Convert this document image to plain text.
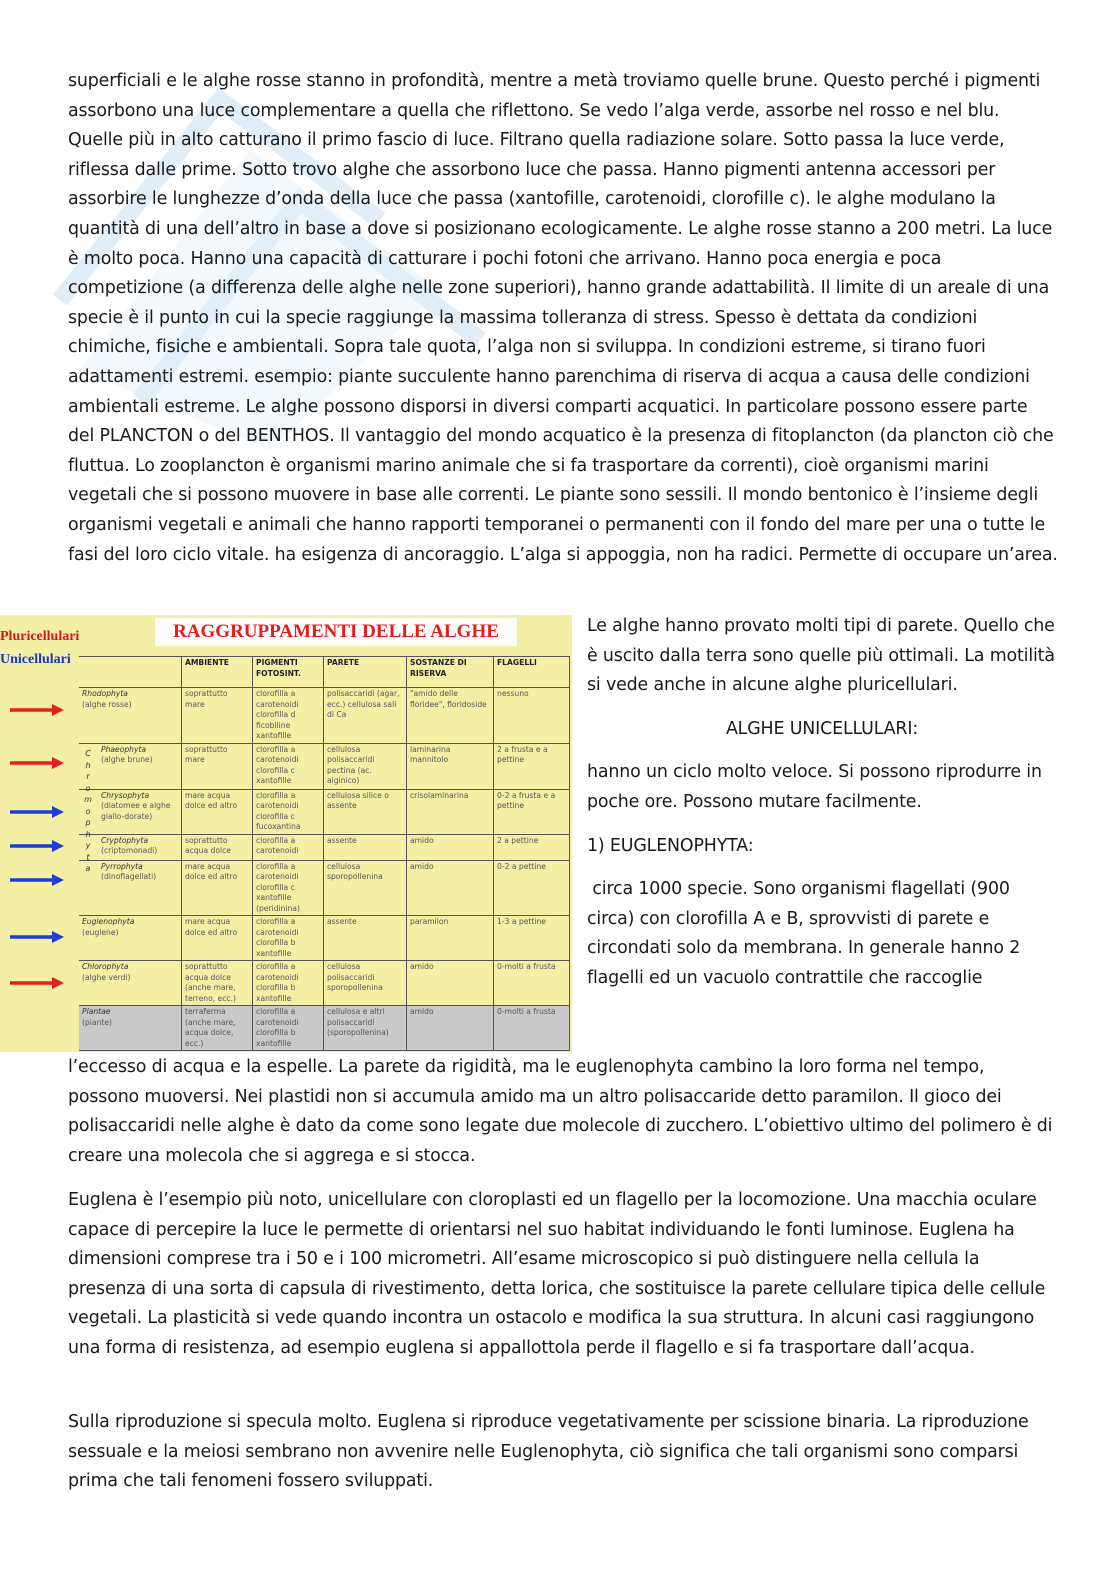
superficiali e le alghe rosse stanno in profondità, mentre a metà troviamo quelle brune. Questo perché i pigmenti assorbono una luce complementare a quella che riflettono. Se vedo l’alga verde, assorbe nel rosso e nel blu. Quelle più in alto catturano il primo fascio di luce. Filtrano quella radiazione solare. Sotto passa la luce verde, riflessa dalle prime. Sotto trovo alghe che assorbono luce che passa. Hanno pigmenti antenna accessori per assorbire le lunghezze d’onda della luce che passa (xantofille, carotenoidi, clorofille c). le alghe modulano la quantità di una dell’altro in base a dove si posizionano ecologicamente. Le alghe rosse stanno a 200 metri. La luce è molto poca. Hanno una capacità di catturare i pochi fotoni che arrivano. Hanno poca energia e poca competizione (a differenza delle alghe nelle zone superiori), hanno grande adattabilità. Il limite di un areale di una specie è il punto in cui la specie raggiunge la massima tolleranza di stress. Spesso è dettata da condizioni chimiche, fisiche e ambientali. Sopra tale quota, l’alga non si sviluppa. In condizioni estreme, si tirano fuori adattamenti estremi. esempio: piante succulente hanno parenchima di riserva di acqua a causa delle condizioni ambientali estreme. Le alghe possono disporsi in diversi comparti acquatici. In particolare possono essere parte del PLANCTON o del BENTHOS. Il vantaggio del mondo acquatico è la presenza di fitoplancton (da plancton ciò che fluttua. Lo zooplancton è organismi marino animale che si fa trasportare da correnti), cioè organismi marini vegetali che si possono muovere in base alle correnti. Le piante sono sessili. Il mondo bentonico è l’insieme degli organismi vegetali e animali che hanno rapporti temporanei o permanenti con il fondo del mare per una o tutte le fasi del loro ciclo vitale. ha esigenza di ancoraggio. L’alga si appoggia, non ha radici. Permette di occupare un’area.

RAGGRUPPAMENTI DELLE ALGHE
Pluricellulari
Unicellulari
		AMBIENTE	PIGMENTI FOTOSINT.	PARETE	SOSTANZE DI RISERVA	FLAGELLI

Rhodophyta
(alghe rosse)	soprattutto mare	clorofilla a carotenoidi clorofilla d ficobiline xantofille	polisaccaridi (agar, ecc.) cellulosa sali di Ca	"amido delle floridee", floridoside	nessuno

Phaeophyta
(alghe brune)	soprattutto mare	clorofilla a carotenoidi clorofilla c xantofille	cellulosa polisaccaridi pectina (ac. alginico)	laminarina mannitolo	2 a frusta e a pettine

Chrysophyta
(diatomee e alghe giallo-dorate)	mare acqua dolce ed altro	clorofilla a carotenoidi clorofilla c fucoxantina	cellulosa silice o assente	crisolaminarina	0-2 a frusta e a pettine

Cryptophyta
(criptomonadi)	soprattutto acqua dolce	clorofilla a carotenoidi	assente	amido	2 a pettine

Pyrrophyta
(dinoflagellati)	mare acqua dolce ed altro	clorofilla a carotenoidi clorofilla c xantofille (peridinina)	cellulosa sporopollenina	amido	0-2 a pettine

Euglenophyta
(euglene)	mare acqua dolce ed altro	clorofilla a carotenoidi clorofilla b xantofille	assente	paramilon	1-3 a pettine

Chlorophyta
(alghe verdi)	soprattutto acqua dolce (anche mare, terreno, ecc.)	clorofilla a carotenoidi clorofilla b xantofille	cellulosa polisaccaridi sporopollenina	amido	0-molti a frusta

Plantae
(piante)	terraferma (anche mare, acqua dolce, ecc.)	clorofilla a carotenoidi clorofilla b xantofille	cellulosa e altri polisaccaridi (sporopollenina)	amido	0-molti a frusta
C
h
r
o
m
o
p
h
y
t
a

Le alghe hanno provato molti tipi di parete. Quello che è uscito dalla terra sono quelle più ottimali. La motilità si vede anche in alcune alghe pluricellulari.

ALGHE UNICELLULARI:

hanno un ciclo molto veloce. Si possono riprodurre in poche ore. Possono mutare facilmente.

1) EUGLENOPHYTA:

circa 1000 specie. Sono organismi flagellati (900 circa) con clorofilla A e B, sprovvisti di parete e circondati solo da membrana. In generale hanno 2 flagelli ed un vacuolo contrattile che raccoglie

l’eccesso di acqua e la espelle. La parete da rigidità, ma le euglenophyta cambino la loro forma nel tempo, possono muoversi. Nei plastidi non si accumula amido ma un altro polisaccaride detto paramilon. Il gioco dei polisaccaridi nelle alghe è dato da come sono legate due molecole di zucchero. L’obiettivo ultimo del polimero è di creare una molecola che si aggrega e si stocca.

Euglena è l’esempio più noto, unicellulare con cloroplasti ed un flagello per la locomozione. Una macchia oculare capace di percepire la luce le permette di orientarsi nel suo habitat individuando le fonti luminose. Euglena ha dimensioni comprese tra i 50 e i 100 micrometri. All’esame microscopico si può distinguere nella cellula la presenza di una sorta di capsula di rivestimento, detta lorica, che sostituisce la parete cellulare tipica delle cellule vegetali. La plasticità si vede quando incontra un ostacolo e modifica la sua struttura. In alcuni casi raggiungono una forma di resistenza, ad esempio euglena si appallottola perde il flagello e si fa trasportare dall’acqua.

Sulla riproduzione si specula molto. Euglena si riproduce vegetativamente per scissione binaria. La riproduzione sessuale e la meiosi sembrano non avvenire nelle Euglenophyta, ciò significa che tali organismi sono comparsi prima che tali fenomeni fossero sviluppati.
